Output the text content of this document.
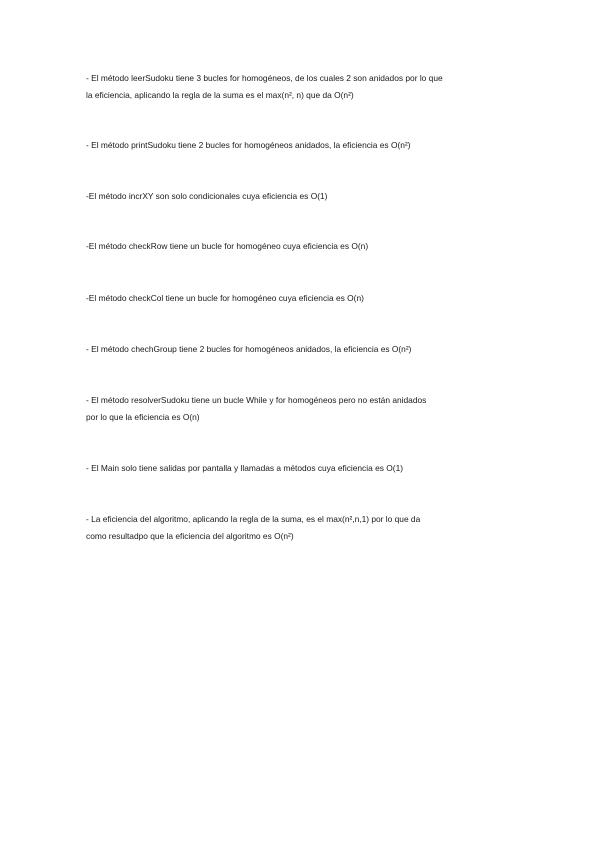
- El método leerSudoku tiene 3 bucles for homogéneos, de los cuales 2 son anidados por lo que
la eficiencia, aplicando la regla de la suma es el max(n², n) que da O(n²)

- El método printSudoku tiene 2 bucles for homogéneos anidados, la eficiencia es O(n²)

-El método incrXY son solo condicionales cuya eficiencia es O(1)

-El método checkRow tiene un bucle for homogéneo cuya eficiencia es O(n)

-El método checkCol tiene un bucle for homogéneo cuya eficiencia es O(n)

- El método chechGroup tiene 2 bucles for homogéneos anidados, la eficiencia es O(n²)

- El método resolverSudoku tiene un bucle While y for homogéneos pero no están anidados
por lo que la eficiencia es O(n)

- El Main solo tiene salidas por pantalla y llamadas a métodos cuya eficiencia es O(1)

- La eficiencia del algoritmo, aplicando la regla de la suma, es el max(n²,n,1) por lo que da
como resultadpo que la eficiencia del algoritmo es O(n²)
